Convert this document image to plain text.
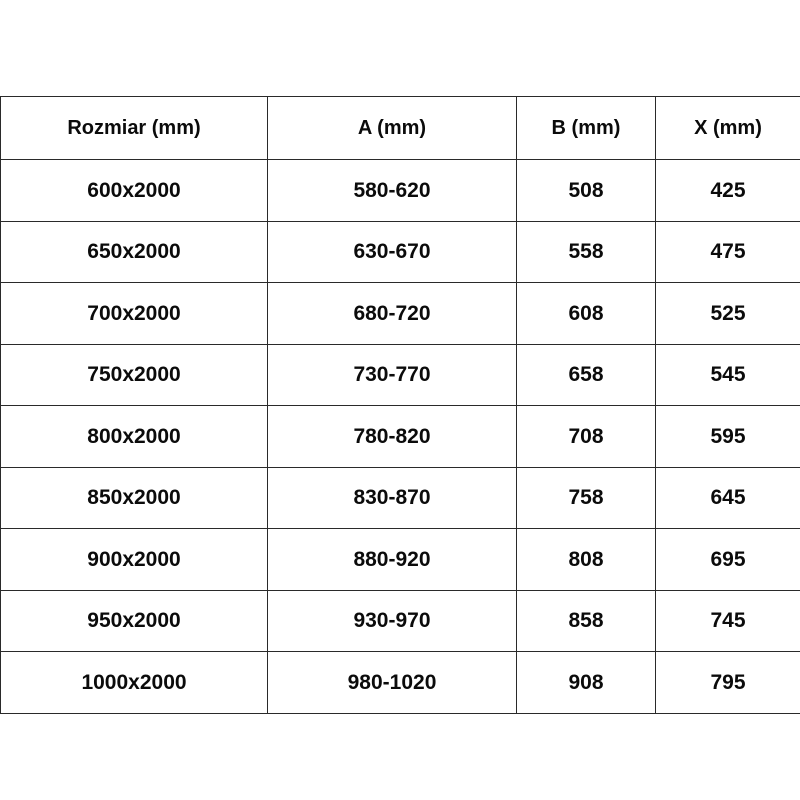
Rozmiar (mm)	A (mm)	B (mm)	X (mm)
600x2000	580-620	508	425
650x2000	630-670	558	475
700x2000	680-720	608	525
750x2000	730-770	658	545
800x2000	780-820	708	595
850x2000	830-870	758	645
900x2000	880-920	808	695
950x2000	930-970	858	745
1000x2000	980-1020	908	795
